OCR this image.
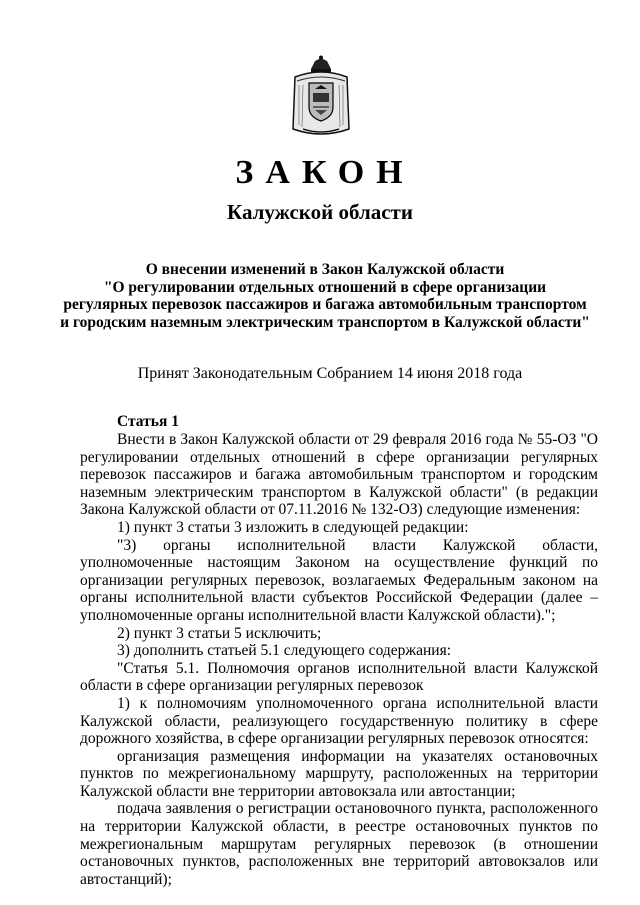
ЗАКОН
Калужской области
О внесении изменений в Закон Калужской области
"О регулировании отдельных отношений в сфере организации
регулярных перевозок пассажиров и багажа автомобильным транспортом
и городским наземным электрическим транспортом в Калужской области"
Принят Законодательным Собранием 14 июня 2018 года
Статья 1
Внести в Закон Калужской области от 29 февраля 2016 года № 55-ОЗ "О регулировании отдельных отношений в сфере организации регулярных перевозок пассажиров и багажа автомобильным транспортом и городским наземным электрическим транспортом в Калужской области" (в редакции Закона Калужской области от 07.11.2016 № 132-ОЗ) следующие изменения:
1) пункт 3 статьи 3 изложить в следующей редакции:
"3) органы исполнительной власти Калужской области, уполномоченные настоящим Законом на осуществление функций по организации регулярных перевозок, возлагаемых Федеральным законом на органы исполнительной власти субъектов Российской Федерации (далее – уполномоченные органы исполнительной власти Калужской области).";
2) пункт 3 статьи 5 исключить;
3) дополнить статьей 5.1 следующего содержания:
"Статья 5.1. Полномочия органов исполнительной власти Калужской области в сфере организации регулярных перевозок
1) к полномочиям уполномоченного органа исполнительной власти Калужской области, реализующего государственную политику в сфере дорожного хозяйства, в сфере организации регулярных перевозок относятся:
организация размещения информации на указателях остановочных пунктов по межрегиональному маршруту, расположенных на территории Калужской области вне территории автовокзала или автостанции;
подача заявления о регистрации остановочного пункта, расположенного на территории Калужской области, в реестре остановочных пунктов по межрегиональным маршрутам регулярных перевозок (в отношении остановочных пунктов, расположенных вне территорий автовокзалов или автостанций);
